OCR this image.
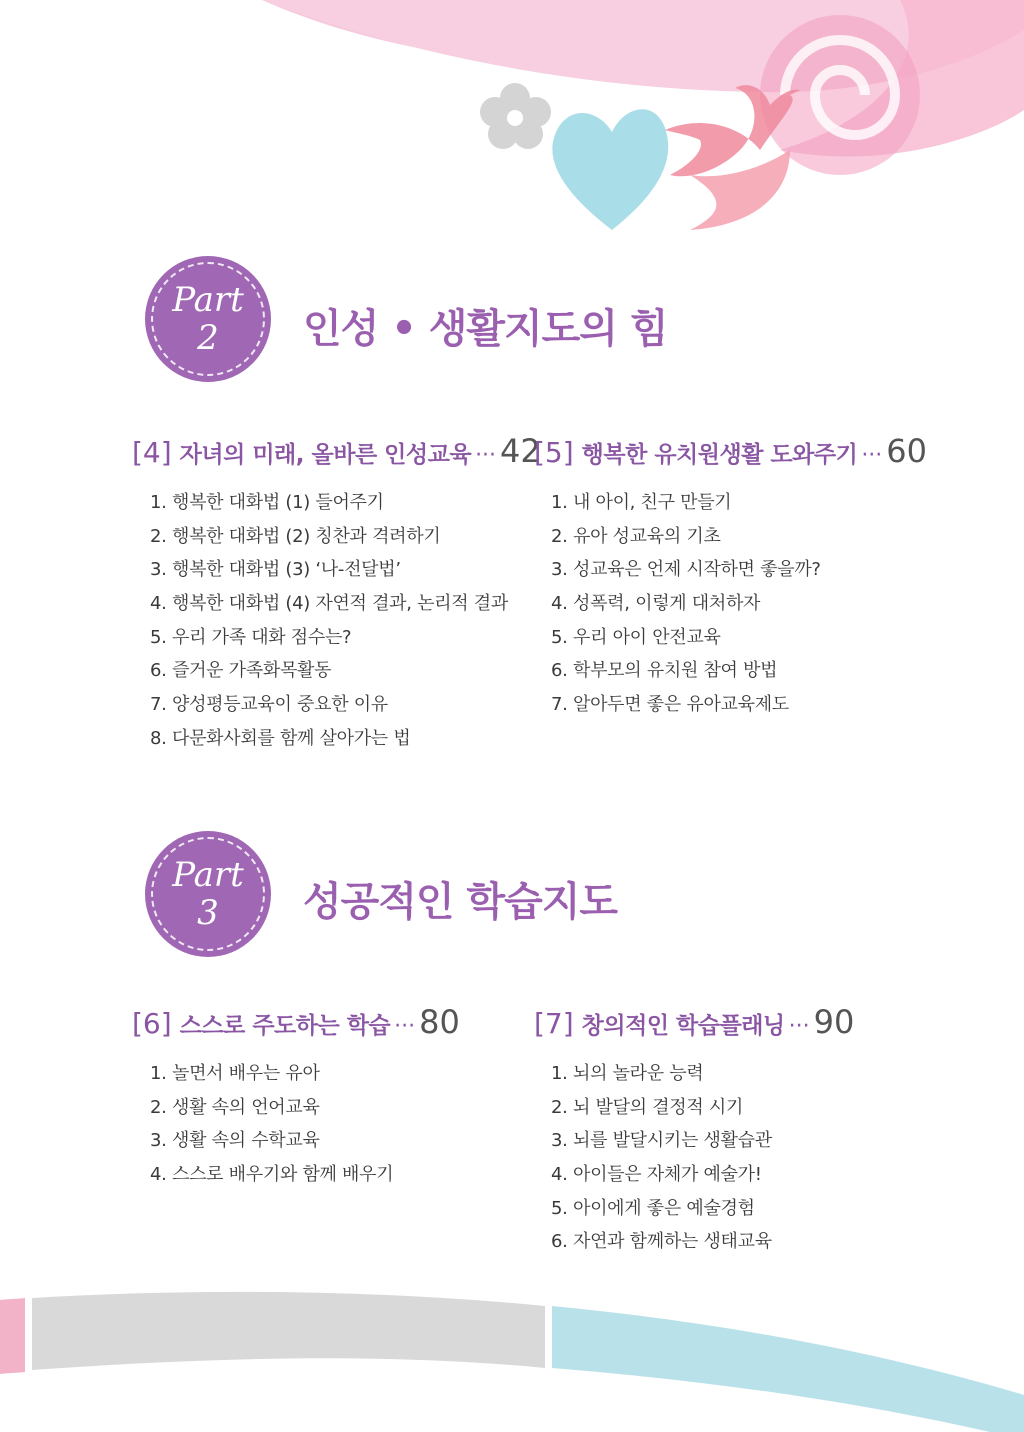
Part
2 인성 • 생활지도의 힘
[4] 자녀의 미래, 올바른 인성교육 ··· 42
1. 행복한 대화법 (1) 들어주기
2. 행복한 대화법 (2) 칭찬과 격려하기
3. 행복한 대화법 (3) ‘나-전달법’
4. 행복한 대화법 (4) 자연적 결과, 논리적 결과
5. 우리 가족 대화 점수는?
6. 즐거운 가족화목활동
7. 양성평등교육이 중요한 이유
8. 다문화사회를 함께 살아가는 법
[5] 행복한 유치원생활 도와주기 ··· 60
1. 내 아이, 친구 만들기
2. 유아 성교육의 기초
3. 성교육은 언제 시작하면 좋을까?
4. 성폭력, 이렇게 대처하자
5. 우리 아이 안전교육
6. 학부모의 유치원 참여 방법
7. 알아두면 좋은 유아교육제도
Part
3 성공적인 학습지도
[6] 스스로 주도하는 학습 ··· 80
1. 놀면서 배우는 유아
2. 생활 속의 언어교육
3. 생활 속의 수학교육
4. 스스로 배우기와 함께 배우기
[7] 창의적인 학습플래닝 ··· 90
1. 뇌의 놀라운 능력
2. 뇌 발달의 결정적 시기
3. 뇌를 발달시키는 생활습관
4. 아이들은 자체가 예술가!
5. 아이에게 좋은 예술경험
6. 자연과 함께하는 생태교육
